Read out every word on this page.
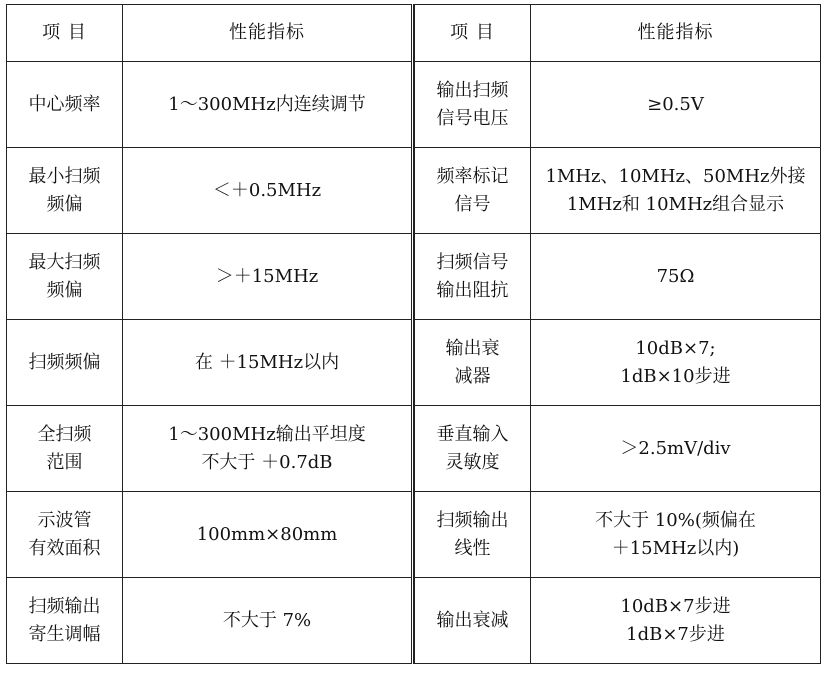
项 目	性能指标

中心频率	1～300MHz内连续调节

最小扫频
频偏	＜＋0.5MHz

最大扫频
频偏	＞＋15MHz

扫频频偏	在 ＋15MHz以内

全扫频
范围	1～300MHz输出平坦度
不大于 ＋0.7dB

示波管
有效面积	100mm×80mm

扫频输出
寄生调幅	不大于 7%
项 目	性能指标

输出扫频
信号电压	≥0.5V

频率标记
信号	1MHz、10MHz、50MHz外接
1MHz和 10MHz组合显示

扫频信号
输出阻抗	75Ω

输出衰
减器	10dB×7;
1dB×10步进

垂直输入
灵敏度	＞2.5mV/div

扫频输出
线性	不大于 10%(频偏在
＋15MHz以内)

输出衰减	10dB×7步进
1dB×7步进
